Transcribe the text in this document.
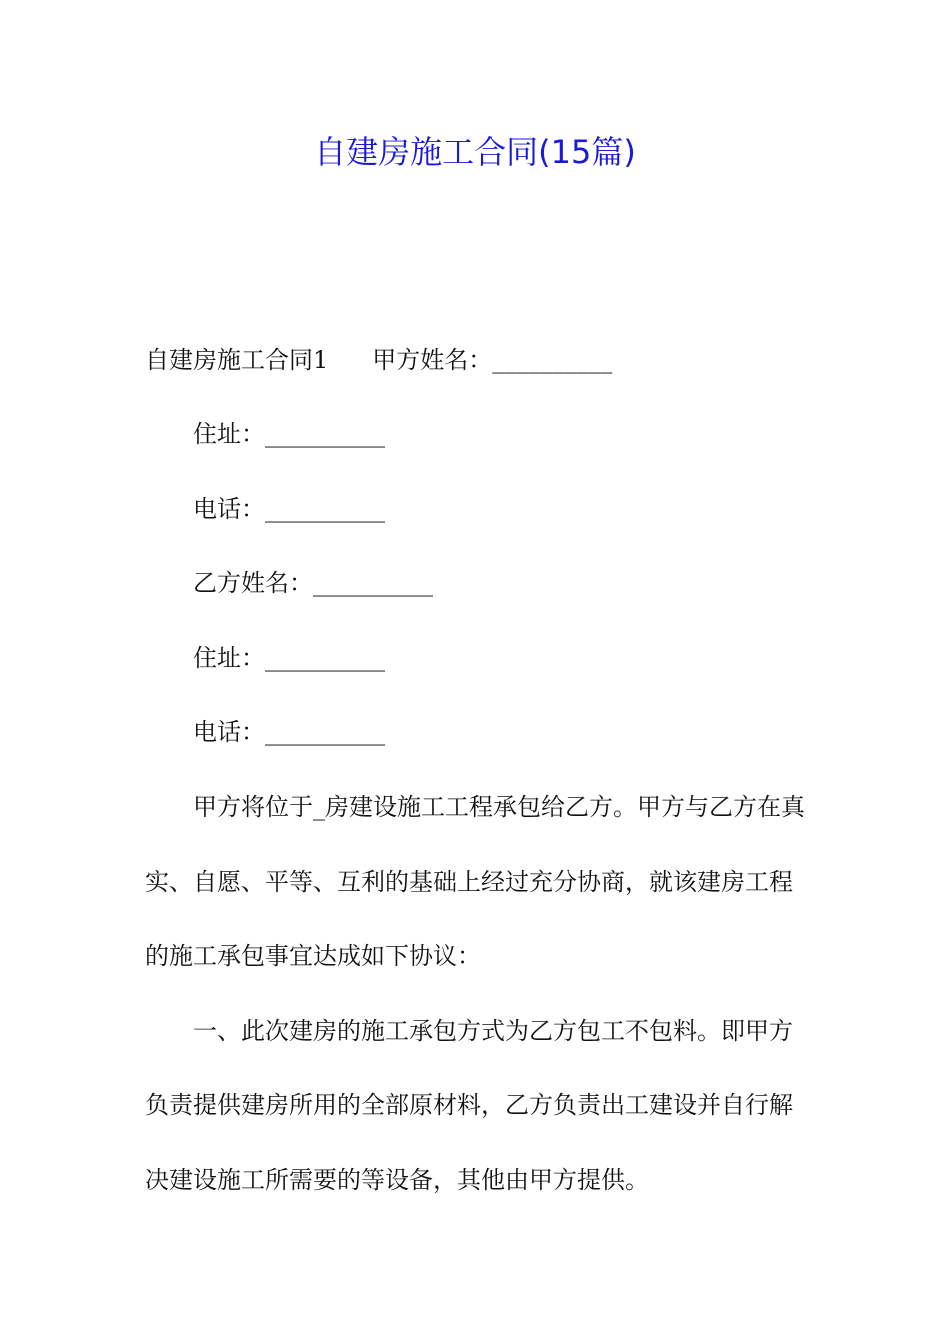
自建房施工合同(15篇)

自建房施工合同1 甲方姓名：__________

住址：__________

电话：__________

乙方姓名：__________

住址：__________

电话：__________

甲方将位于_房建设施工工程承包给乙方。甲方与乙方在真

实、自愿、平等、互利的基础上经过充分协商，就该建房工程

的施工承包事宜达成如下协议：

一、此次建房的施工承包方式为乙方包工不包料。即甲方

负责提供建房所用的全部原材料，乙方负责出工建设并自行解

决建设施工所需要的等设备，其他由甲方提供。
